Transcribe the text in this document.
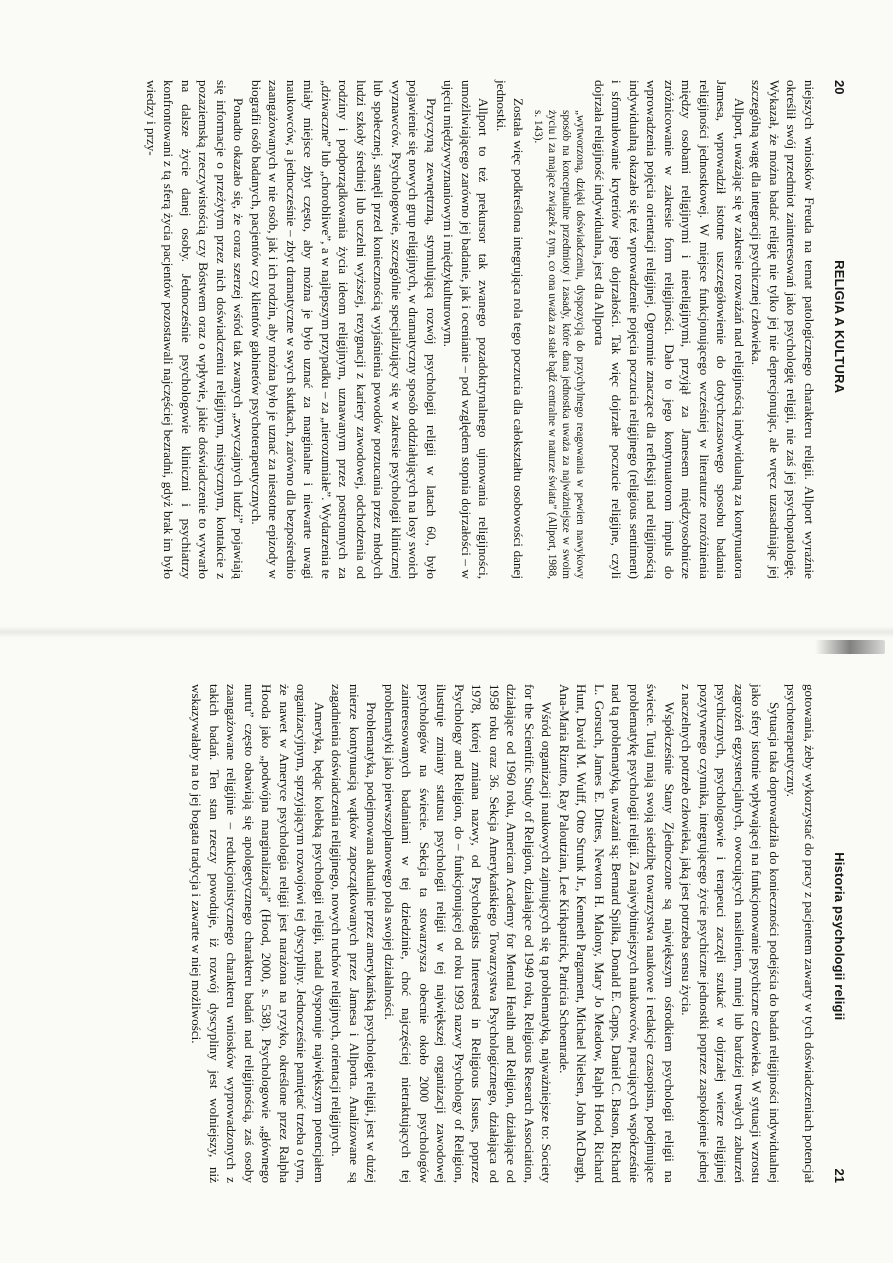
20
RELIGIA A KULTURA

niejszych wniosków Freuda na temat patologicznego charakteru religii. Allport wyraźnie określił swój przedmiot zainteresowań jako psychologię religii, nie zaś jej psychopatologię. Wykazał, że można badać religię nie tylko jej nie deprecjonując, ale wręcz uzasadniając jej szczególną wagę dla integracji psychicznej człowieka.

Allport, uważając się w zakresie rozważań nad religijnością indywidualną za kontynuatora Jamesa, wprowadził istotne uszczegółowienie do dotychczasowego sposobu badania religijności jednostkowej. W miejsce funkcjonującego wcześniej w literaturze rozróżnienia między osobami religijnymi i niereligijnymi, przyjął za Jamesem międzyosobnicze zróżnicowanie w zakresie form religijności. Dało to jego kontynuatorom impuls do wprowadzenia pojęcia orientacji religijnej. Ogromnie znaczące dla refleksji nad religijnością indywidualną okazało się też wprowadzenie pojęcia poczucia religijnego (religious sentiment) i sformułowanie kryteriów jego dojrzałości. Tak więc dojrzałe poczucie religijne, czyli dojrzała religijność indywidualna, jest dla Allporta

„wytworzoną, dzięki doświadczeniu, dyspozycją do przychylnego reagowania w pewien nawykowy sposób na konceptualne przedmioty i zasady, które dana jednostka uważa za najważniejsze w swoim życiu i za mające związek z tym, co ona uważa za stałe bądź centralne w naturze świata” (Allport, 1988, s. 143).

Została więc podkreślona integrująca rola tego poczucia dla całokształtu osobowości danej jednostki.

Allport to też prekursor tak zwanego pozadoktrynalnego ujmowania religijności, umożliwiającego zarówno jej badanie, jak i ocenianie – pod względem stopnia dojrzałości – w ujęciu międzywyznaniowym i międzykulturowym.

Przyczyną zewnętrzną, stymulującą rozwój psychologii religii w latach 60., było pojawienie się nowych grup religijnych, w dramatyczny sposób oddziałujących na losy swoich wyznawców. Psychologowie, szczególnie specjalizujący się w zakresie psychologii klinicznej lub społecznej, stanęli przed koniecznością wyjaśnienia powodów porzucania przez młodych ludzi szkoły średniej lub uczelni wyższej, rezygnacji z kariery zawodowej, odchodzenia od rodziny i podporządkowania życia ideom religijnym, uznawanym przez postronnych za „dziwaczne” lub „chorobliwe”, a w najlepszym przypadku – za „nierozumiałe”. Wydarzenia te miały miejsce zbyt często, aby można je było uznać za marginalne i niewarte uwagi naukowców, a jednocześnie – zbyt dramatyczne w swych skutkach, zarówno dla bezpośrednio zaangażowanych w nie osób, jak i ich rodzin, aby można było je uznać za niestotne epizody w biografii osób badanych, pacjentów czy klientów gabinetów psychoterapeutycznych.

Ponadto okazało się, że coraz szerzej wśród tak zwanych „zwyczajnych ludzi” pojawiają się informacje o przeżytym przez nich doświadczeniu religijnym, mistycznym, kontakcie z pozaziemską rzeczywistością czy Bóstwem oraz o wpływie, jakie doświadczenie to wywarło na dalsze życie danej osoby. Jednocześnie psychologowie kliniczni i psychiatrzy konfrontowani z tą sferą życia pacjentów pozostawali najczęściej bezradni, gdyż brak im było wiedzy i przy-

Historia psychologii religii
21

gotowania, żeby wykorzystać do pracy z pacjentem zawarty w tych doświadczeniach potencjał psychoterapeutyczny.

Sytuacja taka doprowadziła do konieczności podejścia do badań religijności indywidualnej jako sfery istotnie wpływającej na funkcjonowanie psychiczne człowieka. W sytuacji wzrostu zagrożeń egzystencjalnych, owocujących nasileniem, mniej lub bardziej trwałych zaburzeń psychicznych, psychologowie i terapeuci zaczęli szukać w dojrzałej wierze religijnej pozytywnego czynnika, integrującego życie psychiczne jednostki poprzez zaspokojenie jednej z naczelnych potrzeb człowieka, jaką jest potrzeba sensu życia.

Współcześnie Stany Zjednoczone są największym ośrodkiem psychologii religii na świecie. Tutaj mają swoją siedzibę towarzystwa naukowe i redakcje czasopism, podejmujące problematykę psychologii religii. Za najwybitniejszych naukowców, pracujących współcześnie nad tą problematyką, uważani są: Bernard Spilka, Donald E. Capps, Daniel C. Batson, Richard L. Gorsuch, James E. Dittes, Newton H. Malony, Mary Jo Meadow, Ralph Hood, Richard Hunt, David M. Wulff, Otto Strunk Jr., Kenneth Pargament, Michael Nielsen, John McDargh, Ana-Maria Rizutto, Ray Paloutzian, Lee Kirkpatrick, Patricia Schoenrade.

Wśród organizacji naukowych zajmujących się tą problematyką, najważniejsze to: Society for the Scientific Study of Religion, działające od 1949 roku, Religious Research Association, działające od 1960 roku, American Academy for Mental Health and Religion, działające od 1958 roku oraz 36. Sekcja Amerykańskiego Towarzystwa Psychologicznego, działająca od 1978, której zmiana nazwy, od Psychologists Interested in Religious Issues, poprzez Psychology and Religion, do – funkcjonującej od roku 1993 nazwy Psychology of Religion, ilustruje zmiany statusu psychologii religii w tej największej organizacji zawodowej psychologów na świecie. Sekcja ta stowarzysza obecnie około 2000 psychologów zainteresowanych badaniami w tej dziedzinie, choć najczęściej nietraktujących tej problematyki jako pierwszoplanowego pola swojej działalności.

Problematyka, podejmowana aktualnie przez amerykańską psychologię religii, jest w dużej mierze kontynuacją wątków zapoczątkowanych przez Jamesa i Allporta. Analizowane są zagadnienia doświadczenia religijnego, nowych ruchów religijnych, orientacji religijnych.

Ameryka, będąc kolebką psychologii religii, nadal dysponuje największym potencjałem organizacyjnym, sprzyjającym rozwojowi tej dyscypliny. Jednocześnie pamiętać trzeba o tym, że nawet w Ameryce psychologia religii jest narażona na ryzyko, określone przez Ralpha Hooda jako „podwójna marginalizacja” (Hood, 2000, s. 538). Psychologowie „głównego nurtu” często obawiają się apologetycznego charakteru badań nad religijnością, zaś osoby zaangażowane religijnie – redukcjonistycznego charakteru wniosków wyprowadzonych z takich badań. Ten stan rzeczy powoduje, iż rozwój dyscypliny jest wolniejszy, niż wskazywałaby na to jej bogata tradycja i zawarte w niej możliwości.
